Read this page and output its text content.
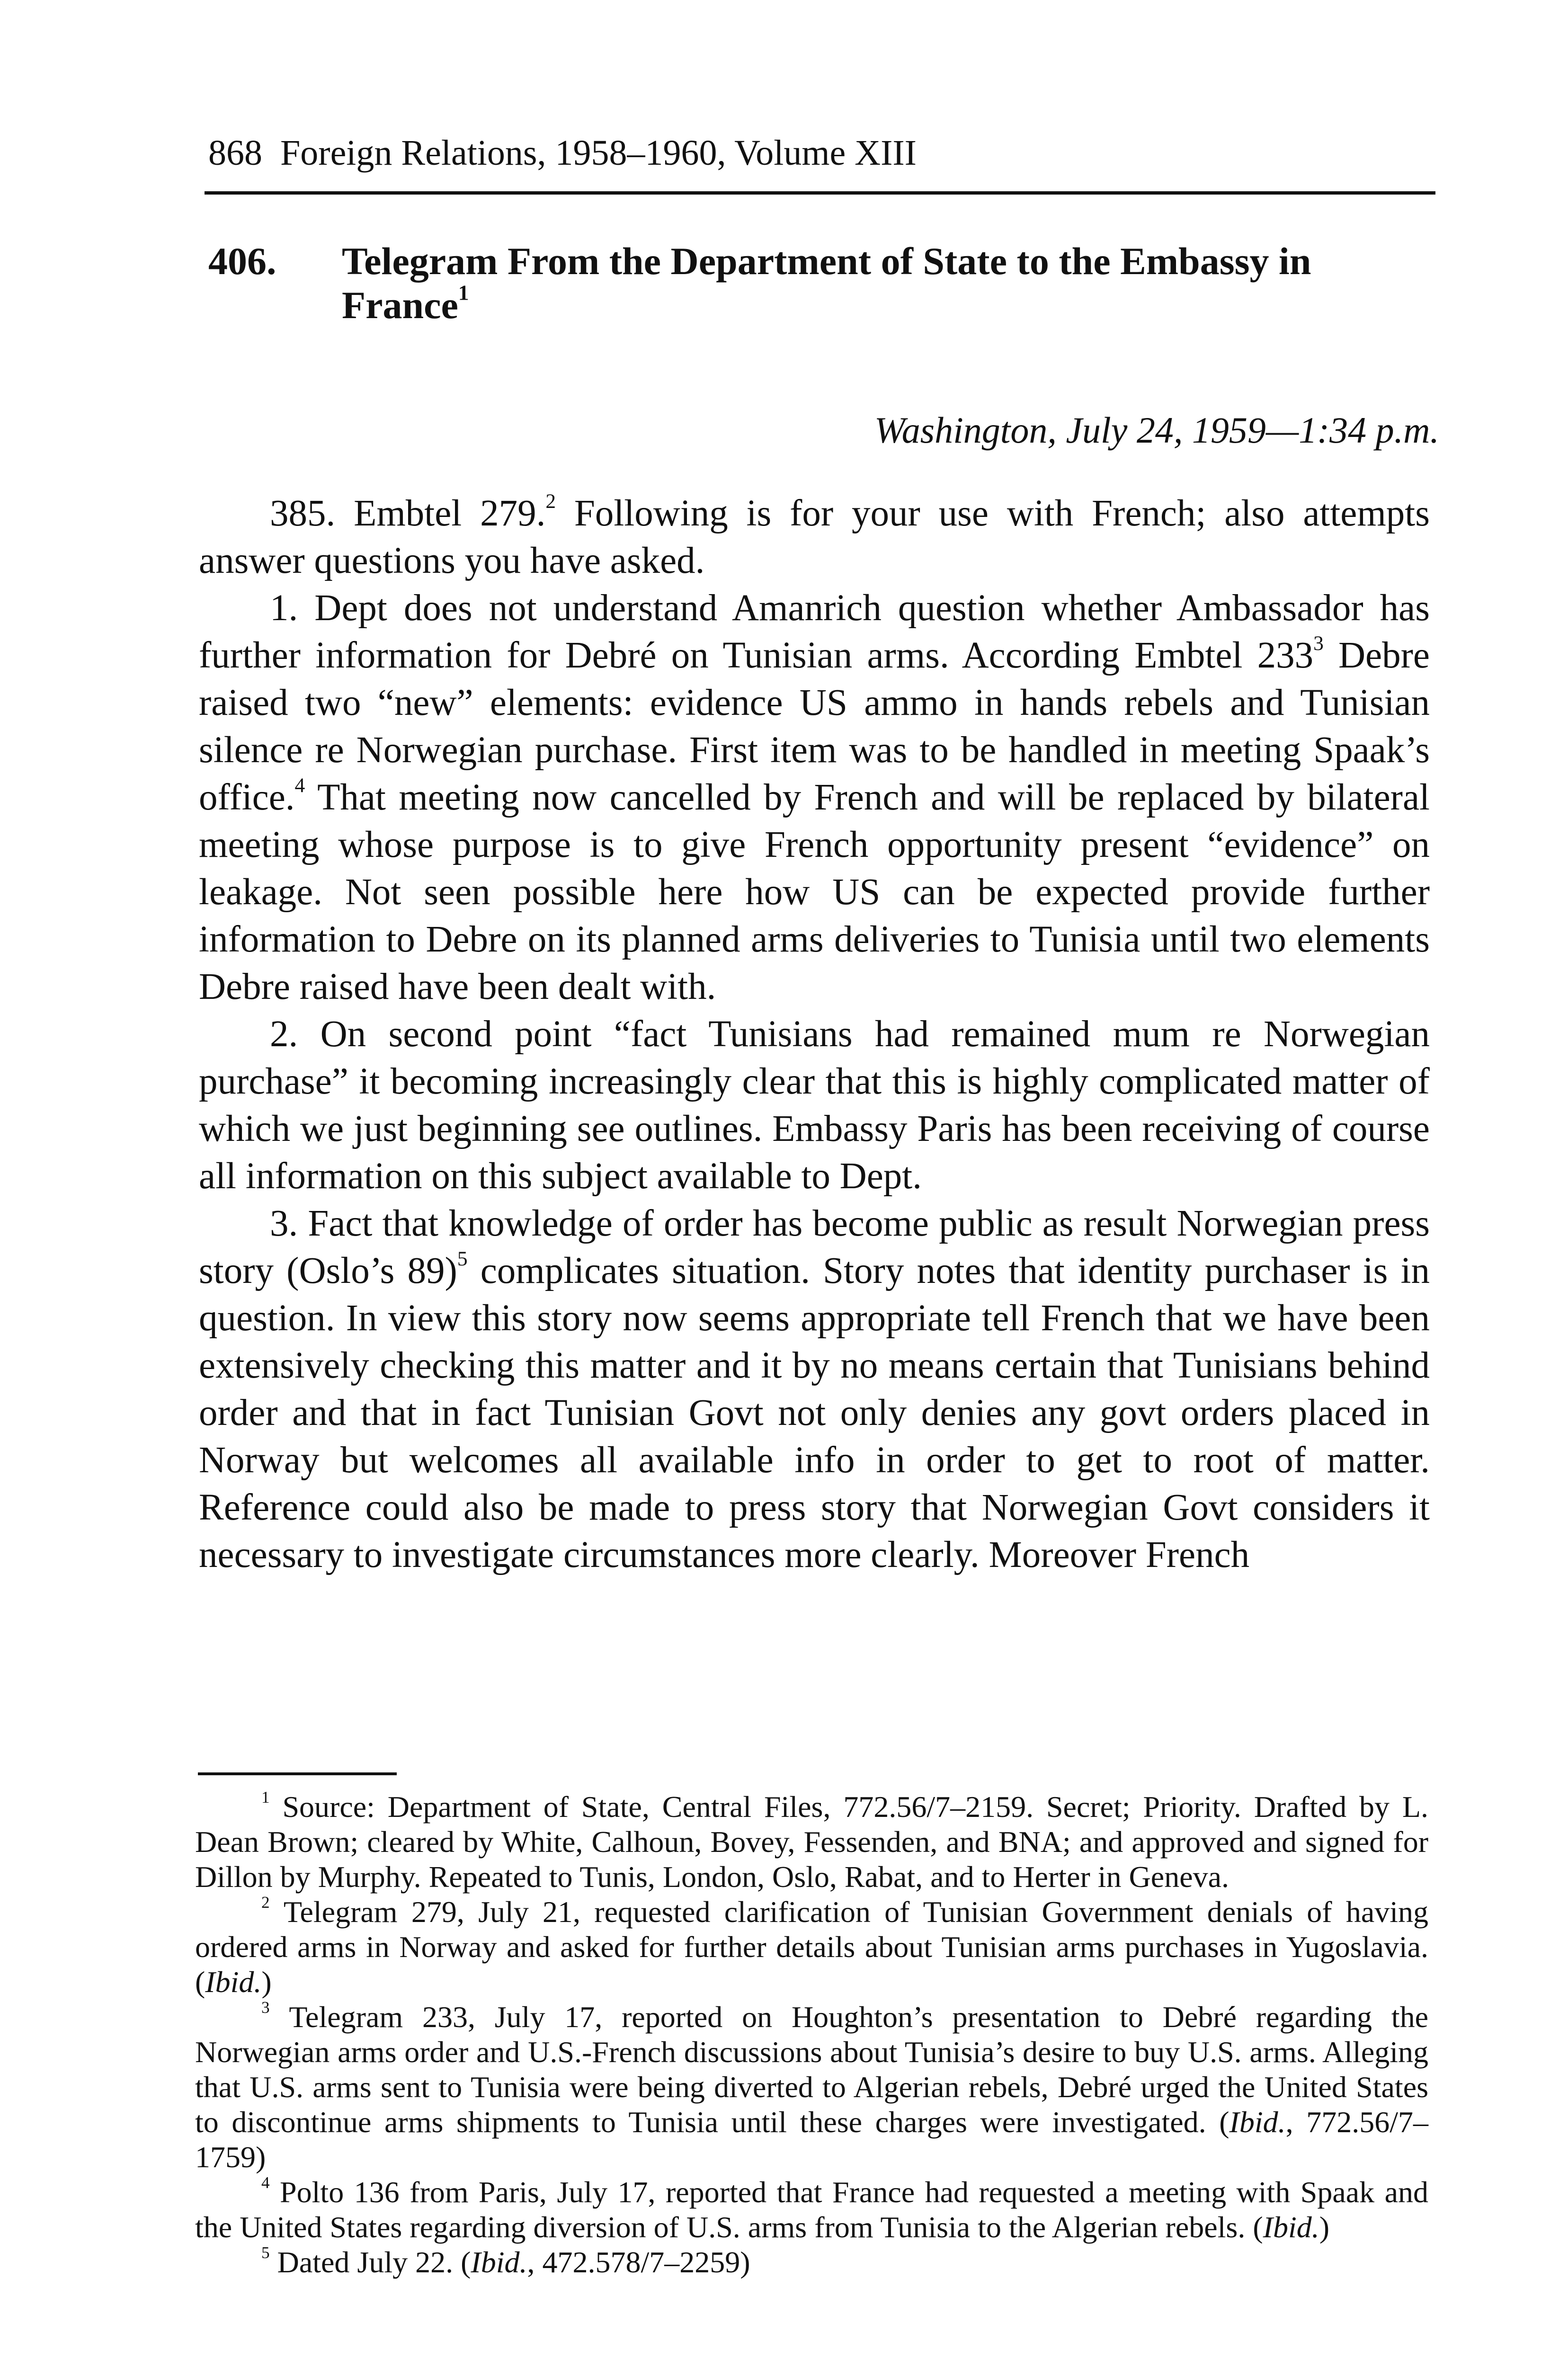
868 Foreign Relations, 1958–1960, Volume XIII
406. Telegram From the Department of State to the Embassy in France$^1$
Washington, July 24, 1959—1:34 p.m.

385. Embtel 279.$^2$ Following is for your use with French; also attempts answer questions you have asked.

1. Dept does not understand Amanrich question whether Ambassador has further information for Debré on Tunisian arms. According Embtel $233^3$ Debre raised two “new” elements: evidence US ammo in hands rebels and Tunisian silence re Norwegian purchase. First item was to be handled in meeting Spaak’s office.$^4$ That meeting now cancelled by French and will be replaced by bilateral meeting whose purpose is to give French opportunity present “evidence” on leakage. Not seen possible here how US can be expected provide further information to Debre on its planned arms deliveries to Tunisia until two elements Debre raised have been dealt with.

2. On second point “fact Tunisians had remained mum re Norwegian purchase” it becoming increasingly clear that this is highly complicated matter of which we just beginning see outlines. Embassy Paris has been receiving of course all information on this subject available to Dept.

3. Fact that knowledge of order has become public as result Norwegian press story (Oslo’s 89)$^5$ complicates situation. Story notes that identity purchaser is in question. In view this story now seems appropriate tell French that we have been extensively checking this matter and it by no means certain that Tunisians behind order and that in fact Tunisian Govt not only denies any govt orders placed in Norway but welcomes all available info in order to get to root of matter. Reference could also be made to press story that Norwegian Govt considers it necessary to investigate circumstances more clearly. Moreover French

$^1$ Source: Department of State, Central Files, 772.56/7–2159. Secret; Priority. Drafted by L. Dean Brown; cleared by White, Calhoun, Bovey, Fessenden, and BNA; and approved and signed for Dillon by Murphy. Repeated to Tunis, London, Oslo, Rabat, and to Herter in Geneva.

$^2$ Telegram 279, July 21, requested clarification of Tunisian Government denials of having ordered arms in Norway and asked for further details about Tunisian arms purchases in Yugoslavia. (Ibid.)

$^3$ Telegram 233, July 17, reported on Houghton’s presentation to Debré regarding the Norwegian arms order and U.S.-French discussions about Tunisia’s desire to buy U.S. arms. Alleging that U.S. arms sent to Tunisia were being diverted to Algerian rebels, Debré urged the United States to discontinue arms shipments to Tunisia until these charges were investigated. (Ibid., 772.56/7–1759)

$^4$ Polto 136 from Paris, July 17, reported that France had requested a meeting with Spaak and the United States regarding diversion of U.S. arms from Tunisia to the Algerian rebels. (Ibid.)

$^5$ Dated July 22. (Ibid., 472.578/7–2259)
